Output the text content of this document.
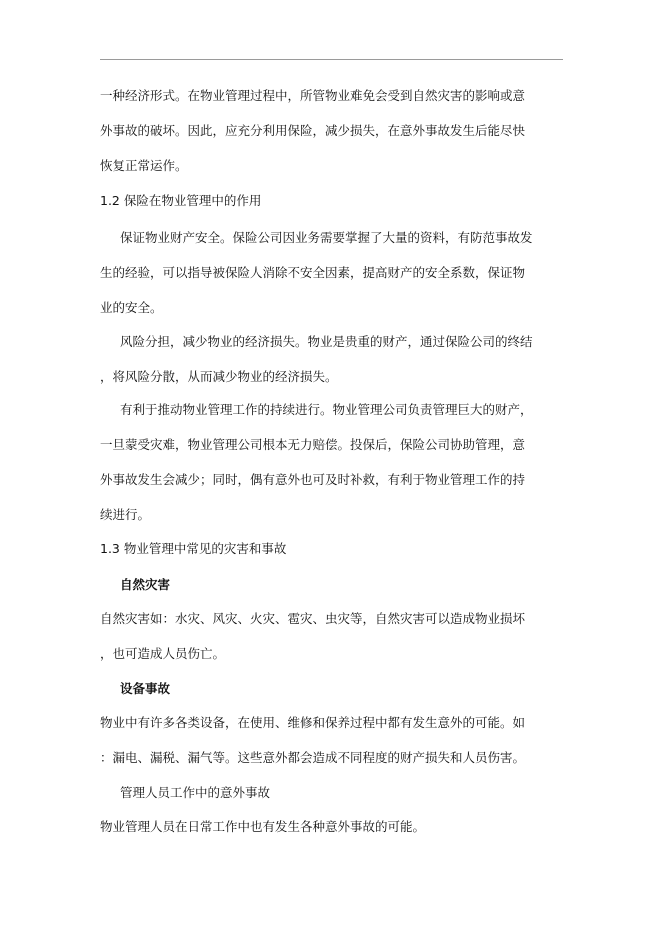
一种经济形式。在物业管理过程中，所管物业难免会受到自然灾害的影响或意
外事故的破坏。因此，应充分利用保险，减少损失，在意外事故发生后能尽快
恢复正常运作。
1.2 保险在物业管理中的作用
保证物业财产安全。保险公司因业务需要掌握了大量的资料，有防范事故发
生的经验，可以指导被保险人消除不安全因素，提高财产的安全系数，保证物
业的安全。
风险分担，减少物业的经济损失。物业是贵重的财产，通过保险公司的终结
，将风险分散，从而减少物业的经济损失。
有利于推动物业管理工作的持续进行。物业管理公司负责管理巨大的财产，
一旦蒙受灾难，物业管理公司根本无力赔偿。投保后，保险公司协助管理，意
外事故发生会减少；同时，偶有意外也可及时补救，有利于物业管理工作的持
续进行。
1.3 物业管理中常见的灾害和事故
自然灾害
自然灾害如：水灾、风灾、火灾、雹灾、虫灾等，自然灾害可以造成物业损坏
，也可造成人员伤亡。
设备事故
物业中有许多各类设备，在使用、维修和保养过程中都有发生意外的可能。如
：漏电、漏税、漏气等。这些意外都会造成不同程度的财产损失和人员伤害。
管理人员工作中的意外事故
物业管理人员在日常工作中也有发生各种意外事故的可能。
